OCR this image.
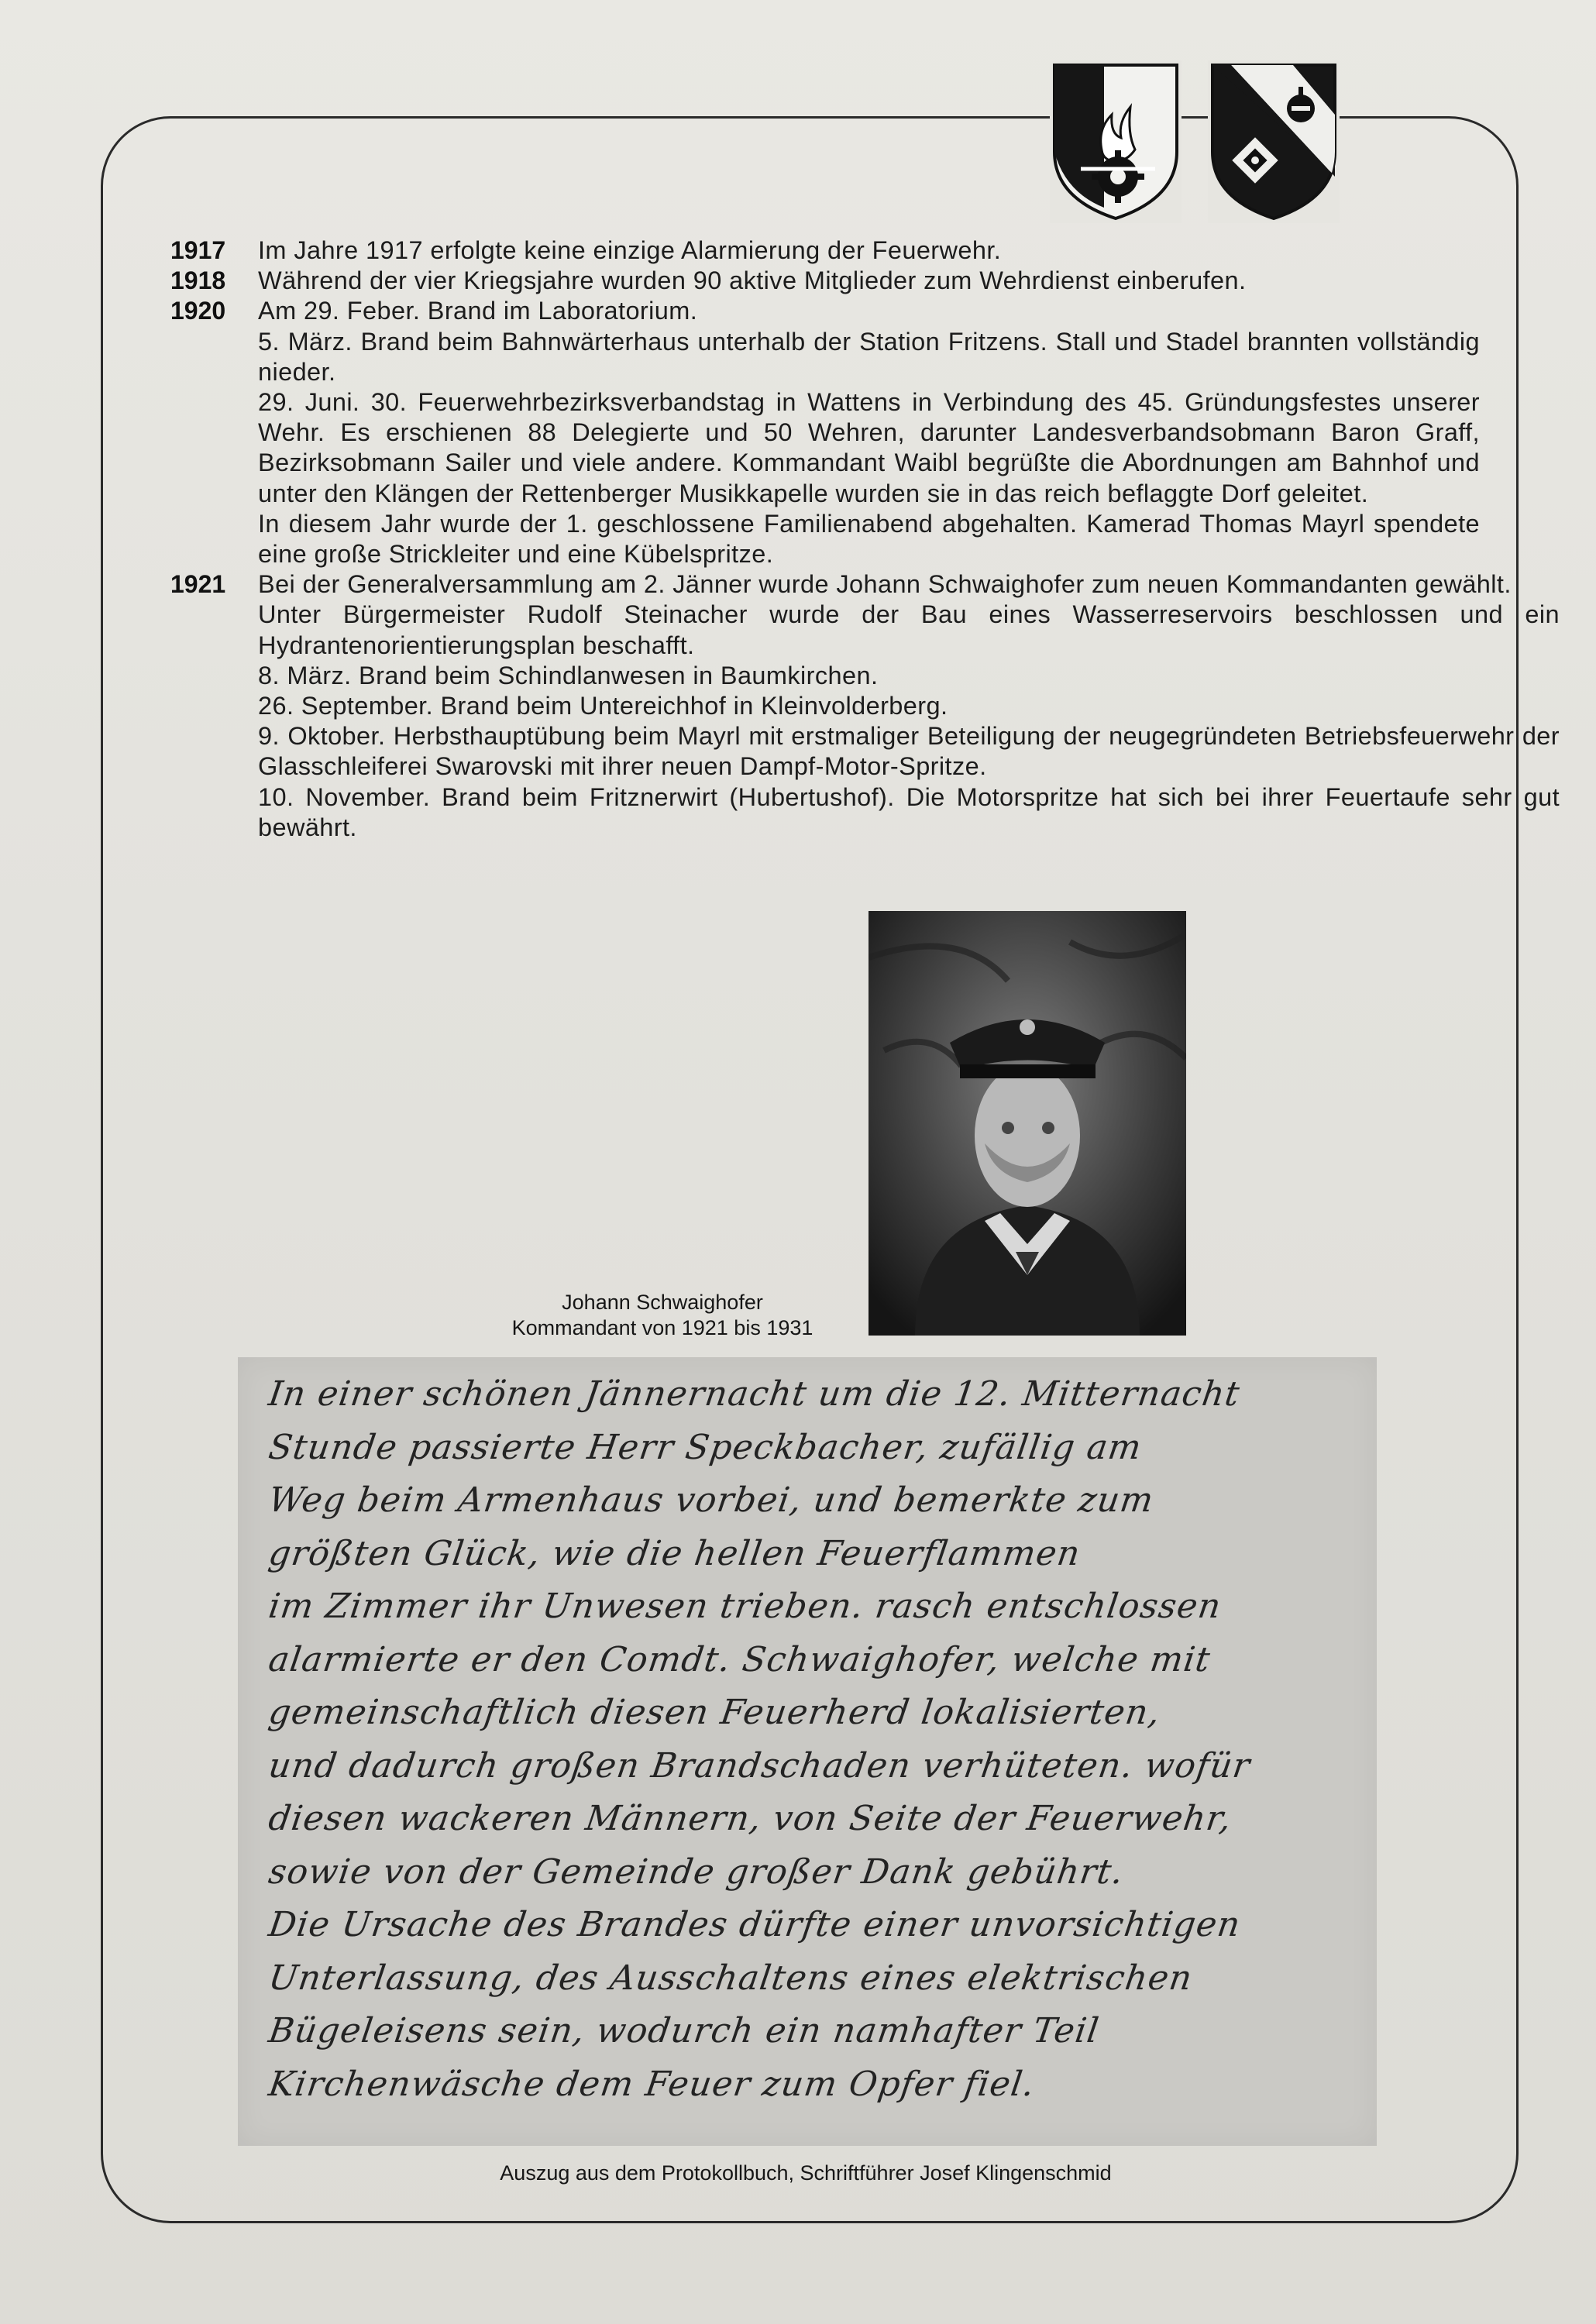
1917	Im Jahre 1917 erfolgte keine einzige Alarmierung der Feuerwehr.

1918	Während der vier Kriegsjahre wurden 90 aktive Mitglieder zum Wehrdienst einberufen.

1920	Am 29. Feber. Brand im Laboratorium.

5. März. Brand beim Bahnwärterhaus unterhalb der Station Fritzens. Stall und Stadel brannten vollständig nieder.

29. Juni. 30. Feuerwehrbezirksverbandstag in Wattens in Verbindung des 45. Gründungsfestes unserer Wehr. Es erschienen 88 Delegierte und 50 Wehren, darunter Landesverbandsobmann Baron Graff, Bezirksobmann Sailer und viele andere. Kommandant Waibl begrüßte die Abordnungen am Bahnhof und unter den Klängen der Rettenberger Musikkapelle wurden sie in das reich beflaggte Dorf geleitet.

In diesem Jahr wurde der 1. geschlossene Familienabend abgehalten. Kamerad Thomas Mayrl spendete eine große Strickleiter und eine Kübelspritze.

1921	Bei der Generalversammlung am 2. Jänner wurde Johann Schwaighofer zum neuen Kommandanten gewählt.

Unter Bürgermeister Rudolf Steinacher wurde der Bau eines Wasserreservoirs beschlossen und ein Hydrantenorientierungsplan beschafft.

8. März. Brand beim Schindlanwesen in Baumkirchen.

26. September. Brand beim Untereichhof in Kleinvolderberg.

9. Oktober. Herbsthauptübung beim Mayrl mit erstmaliger Beteiligung der neugegründeten Betriebsfeuerwehr der Glasschleiferei Swarovski mit ihrer neuen Dampf-Motor-Spritze.

10. November. Brand beim Fritznerwirt (Hubertushof). Die Motorspritze hat sich bei ihrer Feuertaufe sehr gut bewährt.

Johann Schwaighofer
Kommandant von 1921 bis 1931

In einer schönen Jännernacht um die 12. Mitternacht

Stunde passierte Herr Speckbacher, zufällig am

Weg beim Armenhaus vorbei, und bemerkte zum

größten Glück, wie die hellen Feuerflammen

im Zimmer ihr Unwesen trieben. rasch entschlossen

alarmierte er den Comdt. Schwaighofer, welche mit

gemeinschaftlich diesen Feuerherd lokalisierten,

und dadurch großen Brandschaden verhüteten. wofür

diesen wackeren Männern, von Seite der Feuerwehr,

sowie von der Gemeinde großer Dank gebührt.

Die Ursache des Brandes dürfte einer unvorsichtigen

Unterlassung, des Ausschaltens eines elektrischen

Bügeleisens sein, wodurch ein namhafter Teil

Kirchenwäsche dem Feuer zum Opfer fiel.

Auszug aus dem Protokollbuch, Schriftführer Josef Klingenschmid
